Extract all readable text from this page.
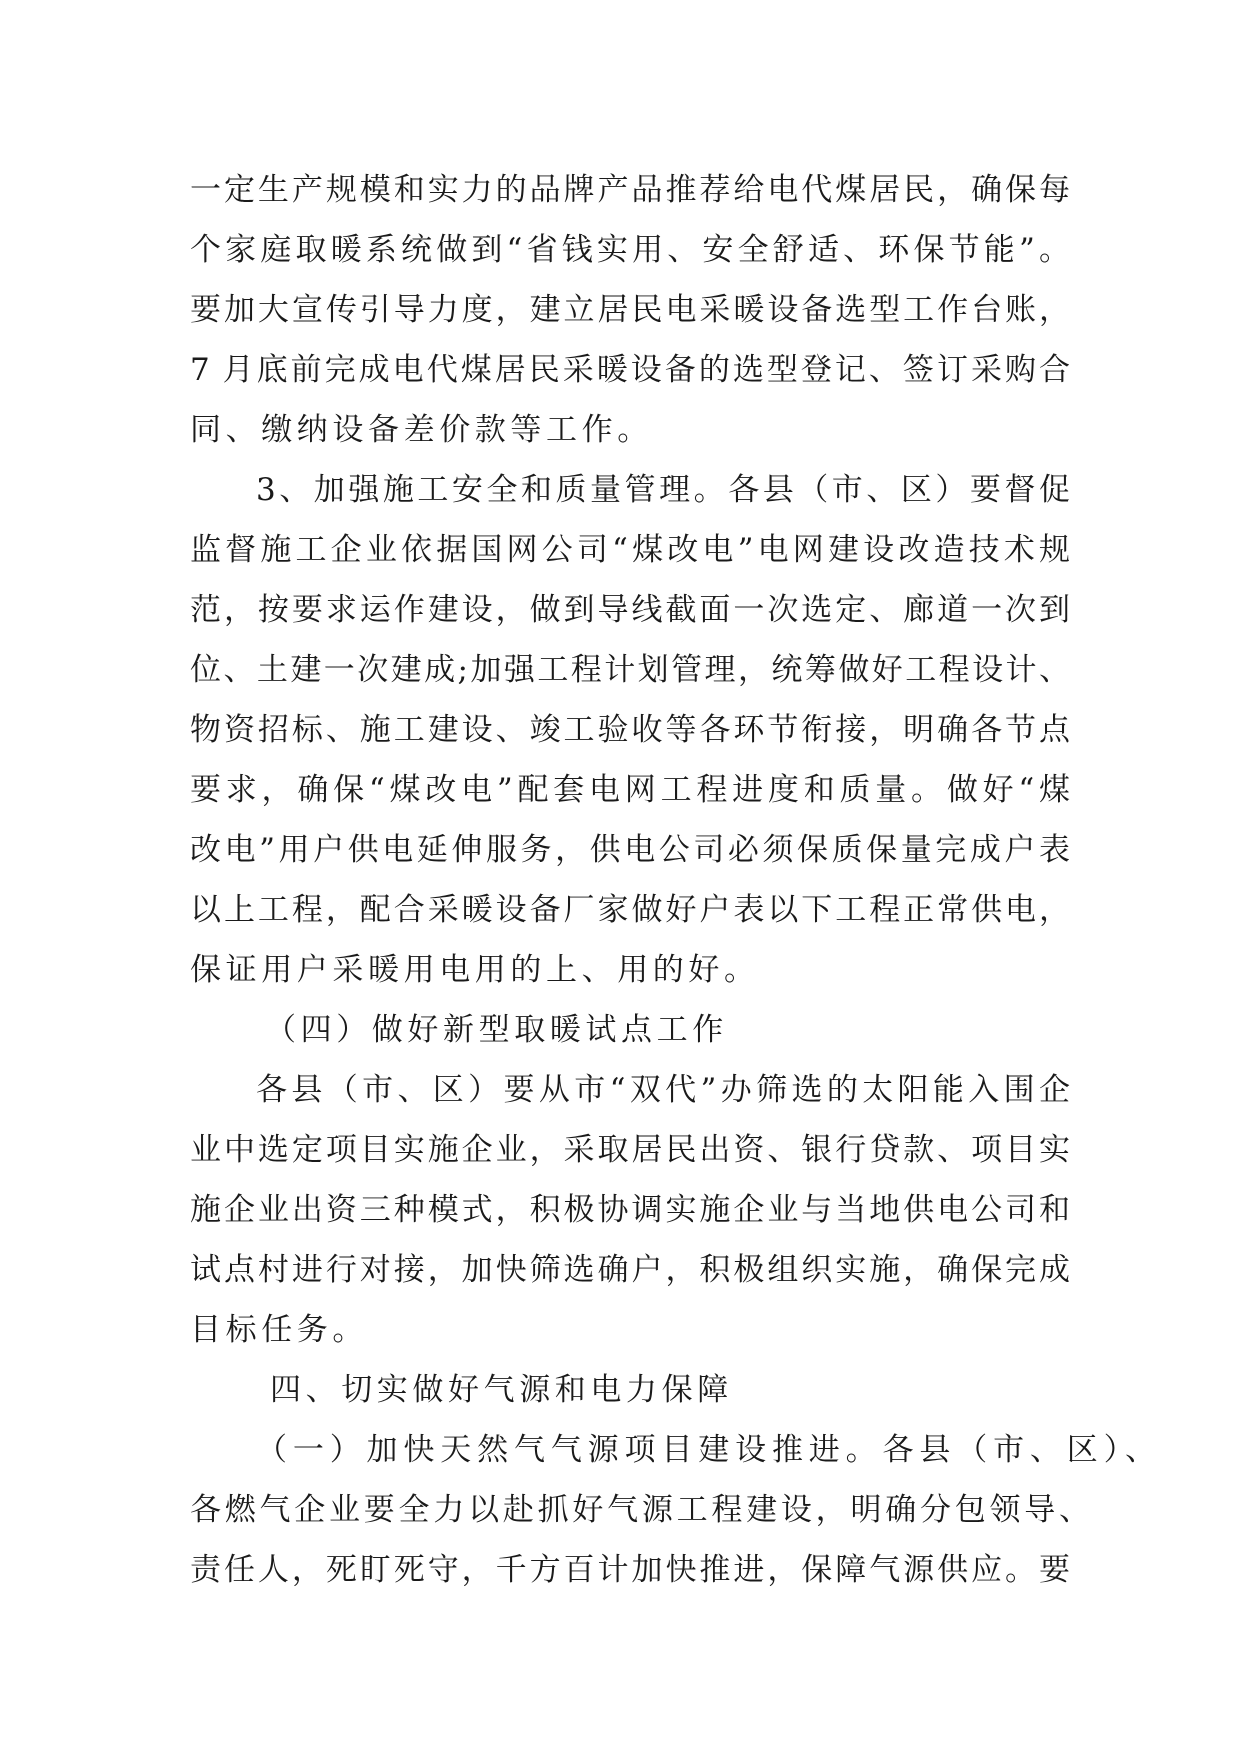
一定生产规模和实力的品牌产品推荐给电代煤居民，确保每
个家庭取暖系统做到“省钱实用、安全舒适、环保节能”。
要加大宣传引导力度，建立居民电采暖设备选型工作台账，
7 月底前完成电代煤居民采暖设备的选型登记、签订采购合
同、缴纳设备差价款等工作。
3、加强施工安全和质量管理。各县（市、区）要督促
监督施工企业依据国网公司“煤改电”电网建设改造技术规
范，按要求运作建设，做到导线截面一次选定、廊道一次到
位、土建一次建成;加强工程计划管理，统筹做好工程设计、
物资招标、施工建设、竣工验收等各环节衔接，明确各节点
要求，确保“煤改电”配套电网工程进度和质量。做好“煤
改电”用户供电延伸服务，供电公司必须保质保量完成户表
以上工程，配合采暖设备厂家做好户表以下工程正常供电，
保证用户采暖用电用的上、用的好。
（四）做好新型取暖试点工作
各县（市、区）要从市“双代”办筛选的太阳能入围企
业中选定项目实施企业，采取居民出资、银行贷款、项目实
施企业出资三种模式，积极协调实施企业与当地供电公司和
试点村进行对接，加快筛选确户，积极组织实施，确保完成
目标任务。
四、切实做好气源和电力保障
（一）加快天然气气源项目建设推进。各县（市、区）、
各燃气企业要全力以赴抓好气源工程建设，明确分包领导、
责任人，死盯死守，千方百计加快推进，保障气源供应。要
